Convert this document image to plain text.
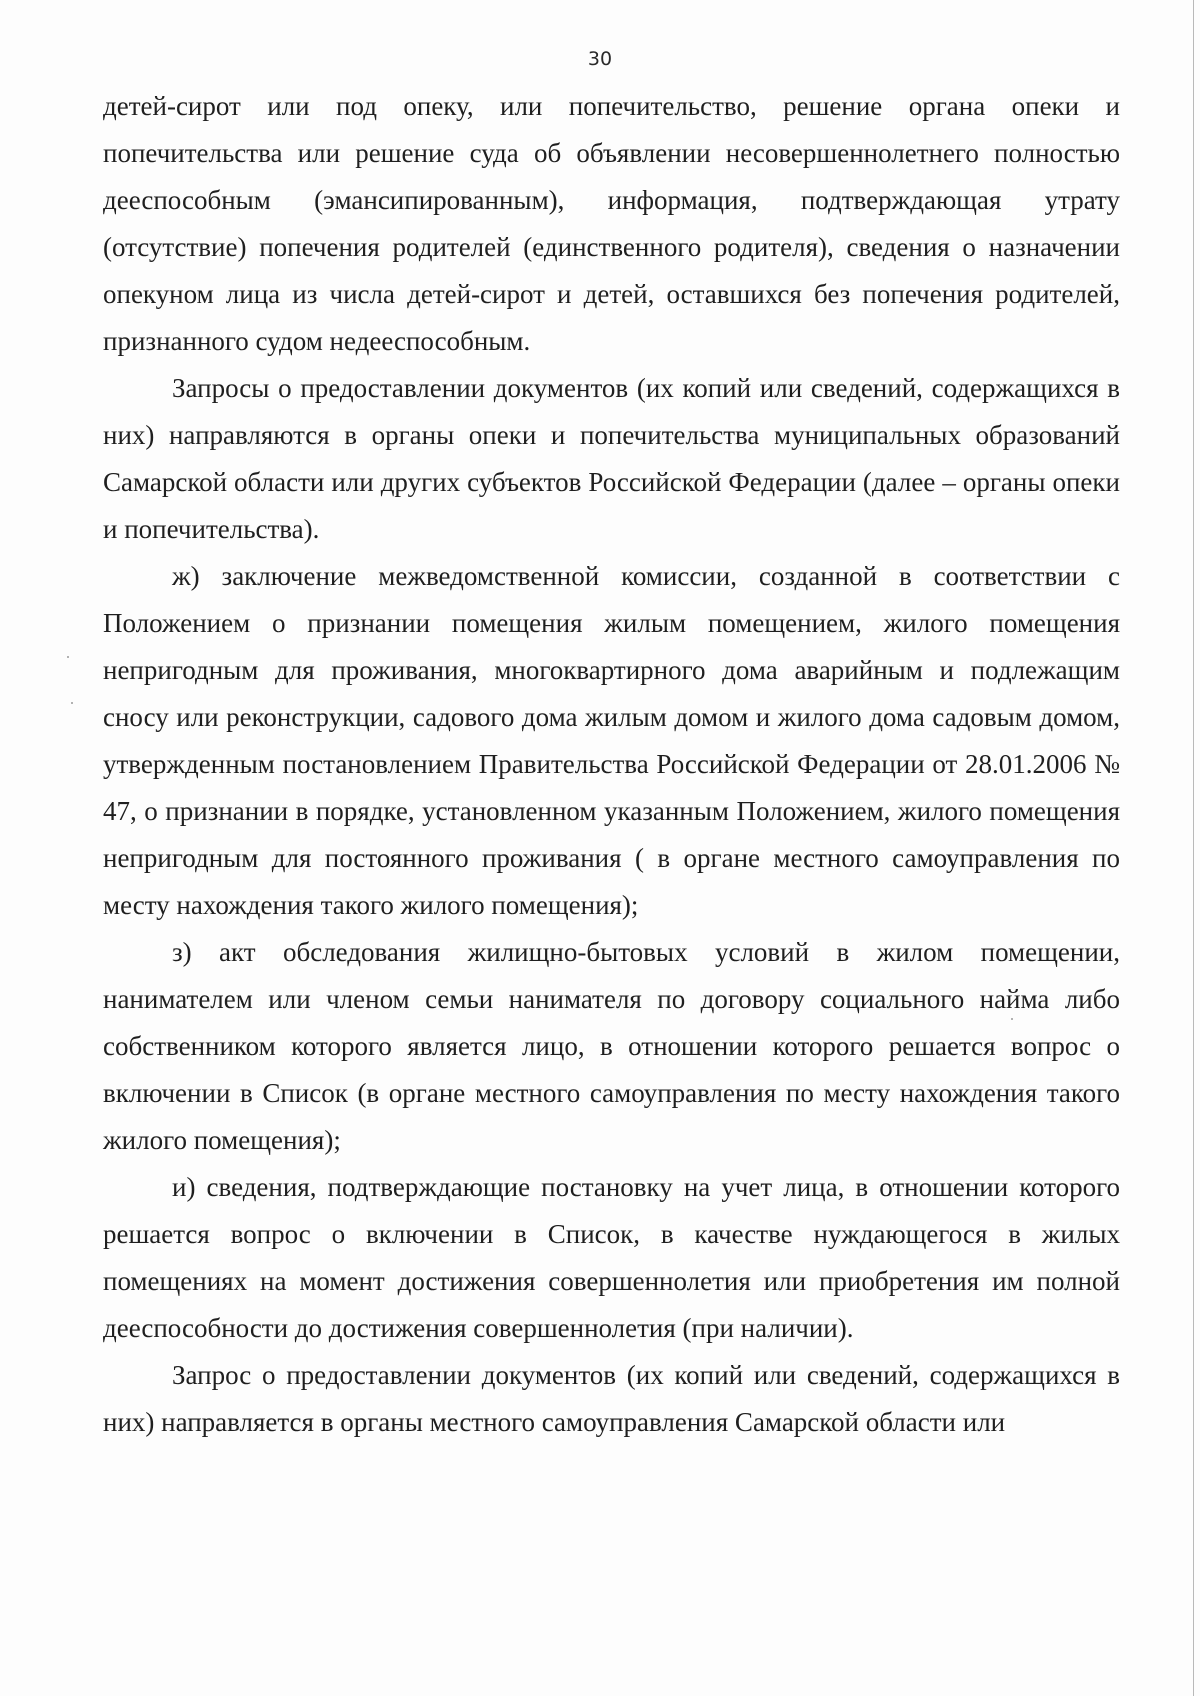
30

детей-сирот или под опеку, или попечительство, решение органа опеки и попечительства или решение суда об объявлении несовершеннолетнего полностью дееспособным (эмансипированным), информация, подтверждающая утрату (отсутствие) попечения родителей (единственного родителя), сведения о назначении опекуном лица из числа детей-сирот и детей, оставшихся без попечения родителей, признанного судом недееспособным.

Запросы о предоставлении документов (их копий или сведений, содержащихся в них) направляются в органы опеки и попечительства муниципальных образований Самарской области или других субъектов Российской Федерации (далее – органы опеки и попечительства).

ж) заключение межведомственной комиссии, созданной в соответствии с Положением о признании помещения жилым помещением, жилого помещения непригодным для проживания, многоквартирного дома аварийным и подлежащим сносу или реконструкции, садового дома жилым домом и жилого дома садовым домом, утвержденным постановлением Правительства Российской Федерации от 28.01.2006 № 47, о признании в порядке, установленном указанным Положением, жилого помещения непригодным для постоянного проживания ( в органе местного самоуправления по месту нахождения такого жилого помещения);

з) акт обследования жилищно-бытовых условий в жилом помещении, нанимателем или членом семьи нанимателя по договору социального найма либо собственником которого является лицо, в отношении которого решается вопрос о включении в Список (в органе местного самоуправления по месту нахождения такого жилого помещения);

и) сведения, подтверждающие постановку на учет лица, в отношении которого решается вопрос о включении в Список, в качестве нуждающегося в жилых помещениях на момент достижения совершеннолетия или приобретения им полной дееспособности до достижения совершеннолетия (при наличии).

Запрос о предоставлении документов (их копий или сведений, содержащихся в них) направляется в органы местного самоуправления Самарской области или
